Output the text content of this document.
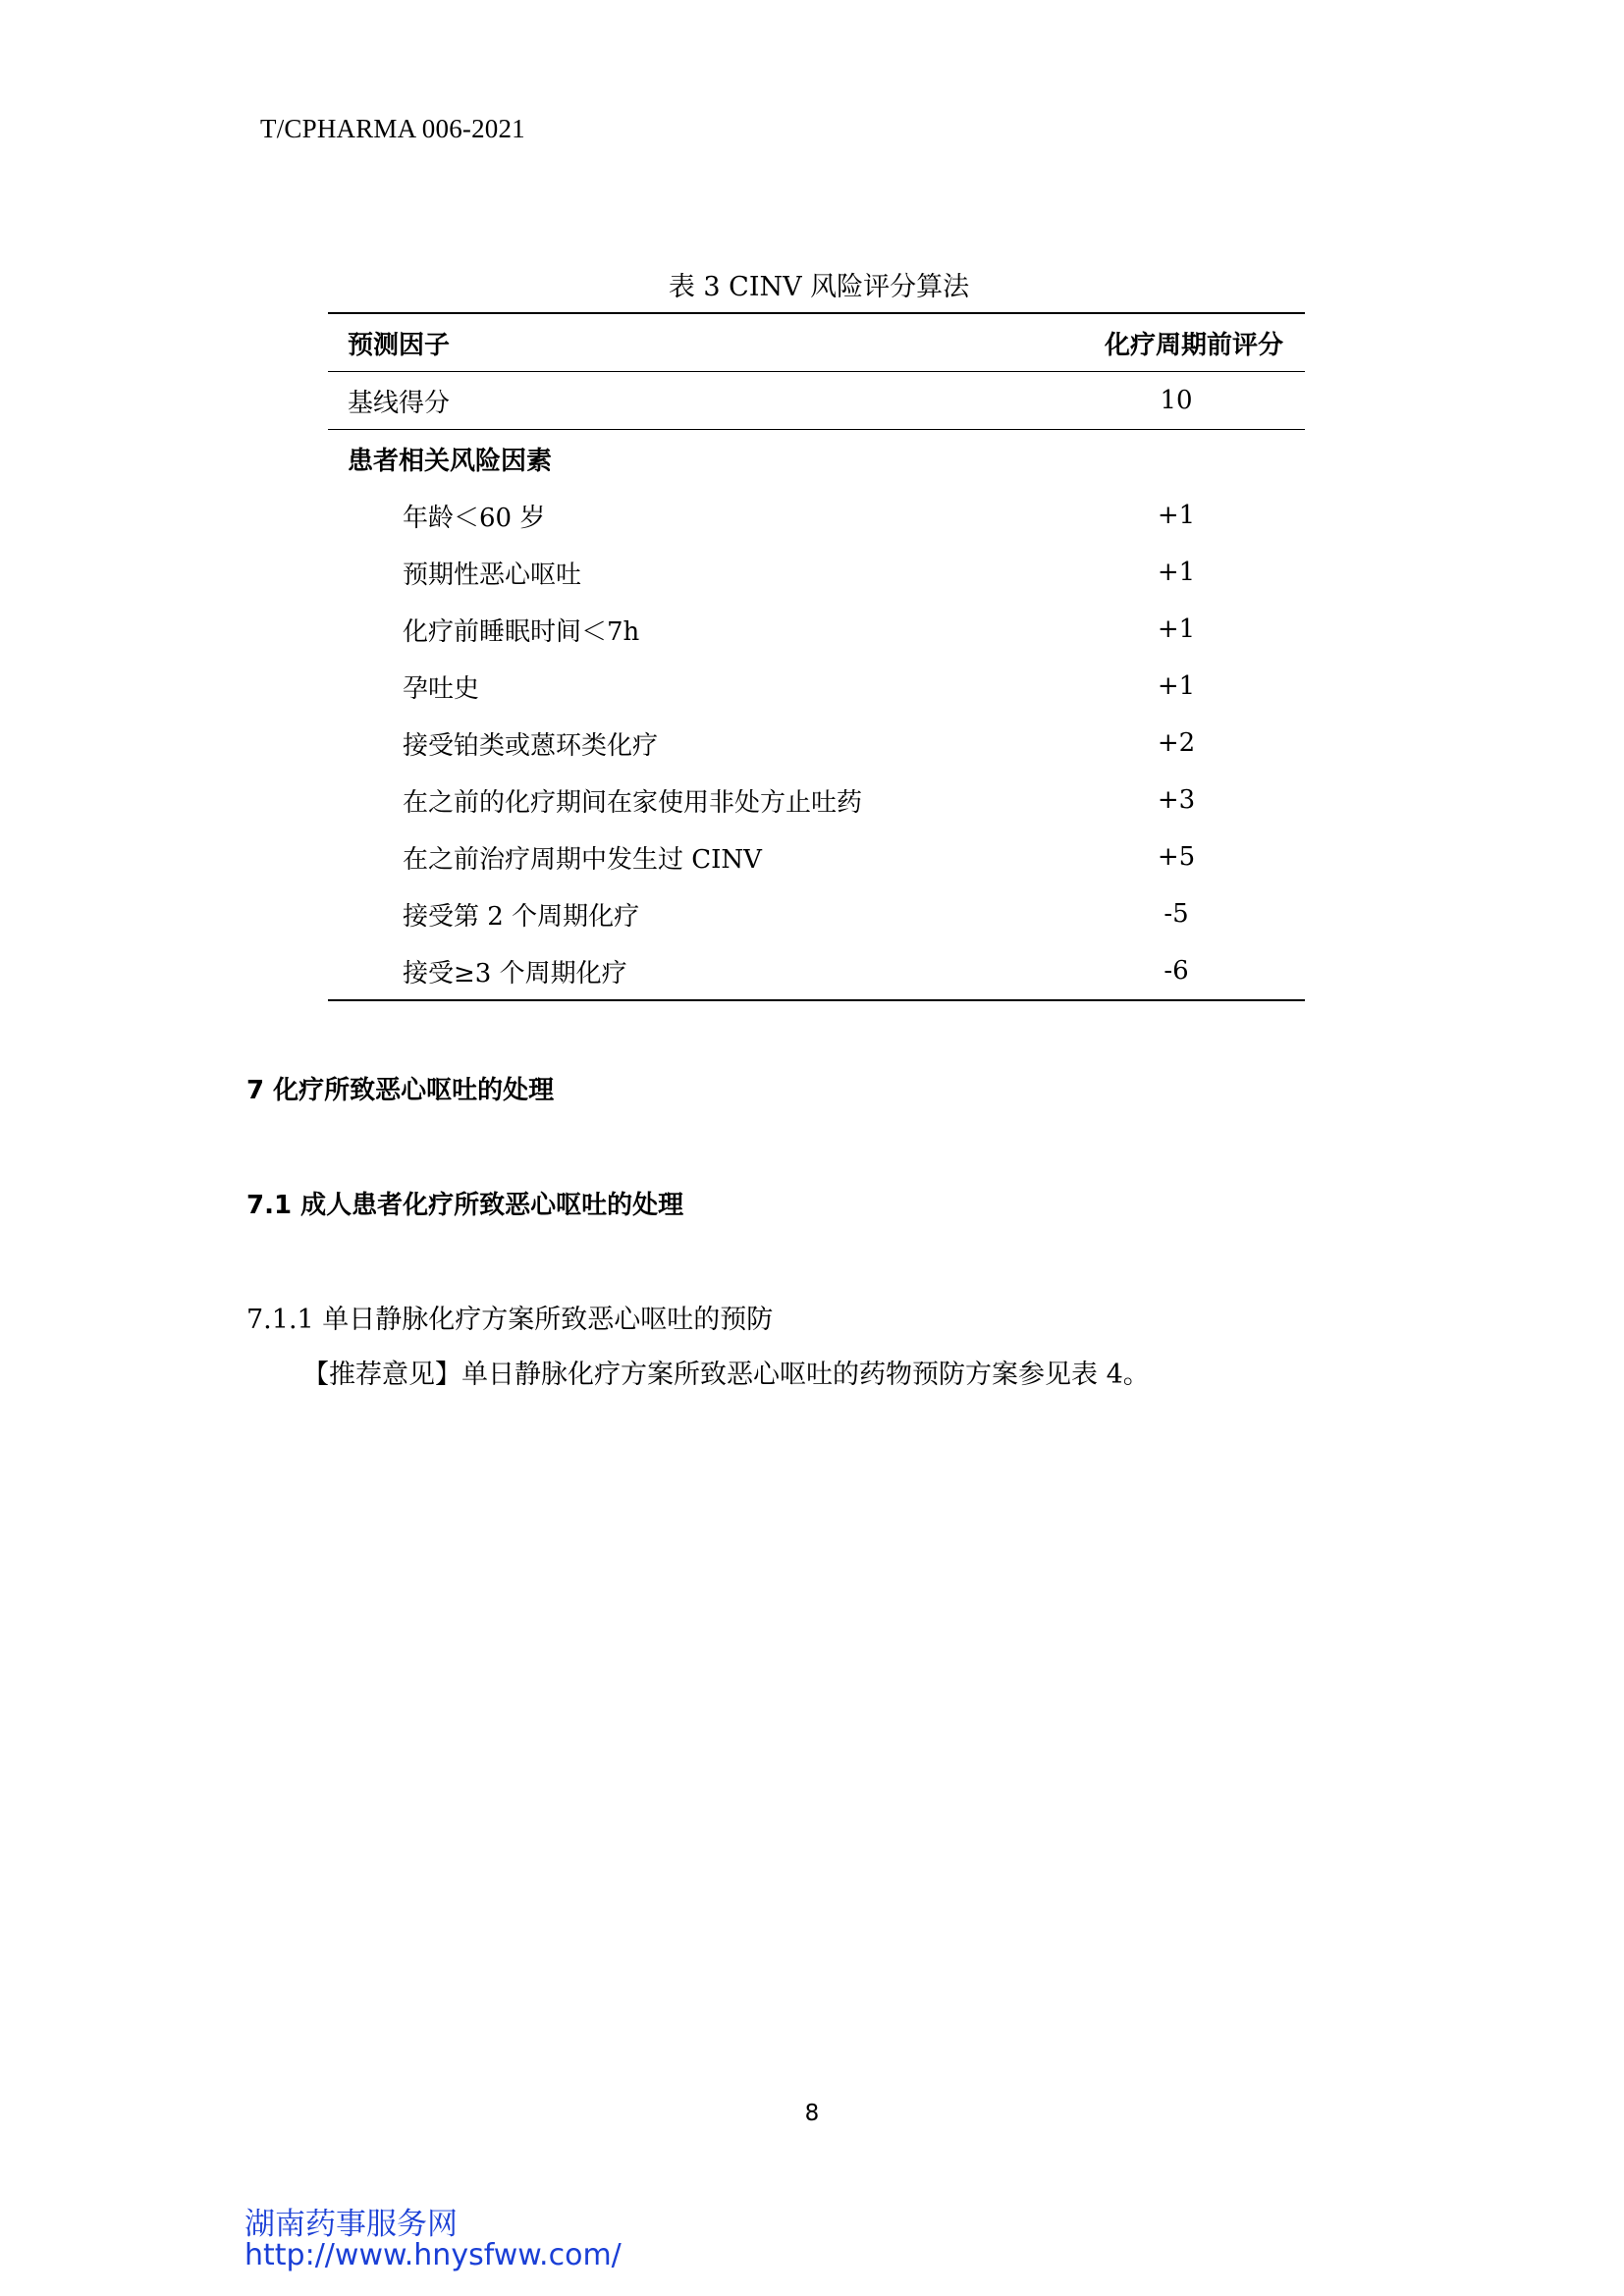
T/CPHARMA 006-2021
表 3 CINV 风险评分算法
预测因子	化疗周期前评分
基线得分	10
患者相关风险因素	
年龄＜60 岁	+1
预期性恶心呕吐	+1
化疗前睡眠时间＜7h	+1
孕吐史	+1
接受铂类或蒽环类化疗	+2
在之前的化疗期间在家使用非处方止吐药	+3
在之前治疗周期中发生过 CINV	+5
接受第 2 个周期化疗	-5
接受≥3 个周期化疗	-6
7 化疗所致恶心呕吐的处理
7.1 成人患者化疗所致恶心呕吐的处理
7.1.1 单日静脉化疗方案所致恶心呕吐的预防
【推荐意见】单日静脉化疗方案所致恶心呕吐的药物预防方案参见表 4。
8
湖南药事服务网
http://www.hnysfww.com/
